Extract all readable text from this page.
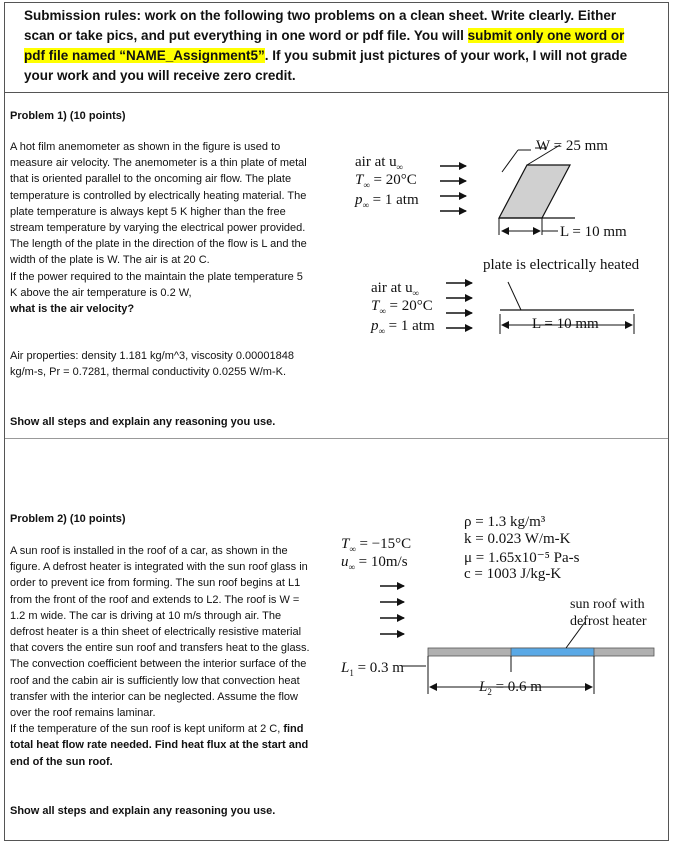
Submission rules: work on the following two problems on a clean sheet. Write clearly. Either scan or take pics, and put everything in one word or pdf file. You will submit only one word or pdf file named “NAME_Assignment5”. If you submit just pictures of your work, I will not grade your work and you will receive zero credit.
Problem 1) (10 points)

A hot film anemometer as shown in the figure is used to measure air velocity. The anemometer is a thin plate of metal that is oriented parallel to the oncoming air flow. The plate temperature is controlled by electrically heating material. The plate temperature is always kept 5 K higher than the free stream temperature by varying the electrical power provided. The length of the plate in the direction of the flow is L and the width of the plate is W. The air is at 20 C.

If the power required to the maintain the plate temperature 5 K above the air temperature is 0.2 W,

what is the air velocity?

Air properties: density 1.181 kg/m^3, viscosity 0.00001848 kg/m-s, Pr = 0.7281, thermal conductivity 0.0255 W/m-K.
Show all steps and explain any reasoning you use.
air at $u_\infty$
$T_\infty = 20^\circ C$
$p_\infty = 1$ atm
air at $u_\infty$
$T_\infty = 20^\circ C$
$p_\infty = 1$ atm
W = 25 mm
L = 10 mm
plate is electrically heated
L = 10 mm
Problem 2) (10 points)

A sun roof is installed in the roof of a car, as shown in the figure. A defrost heater is integrated with the sun roof glass in order to prevent ice from forming. The sun roof begins at L1 from the front of the roof and extends to L2. The roof is W = 1.2 m wide. The car is driving at 10 m/s through air. The defrost heater is a thin sheet of electrically resistive material that covers the entire sun roof and transfers heat to the glass. The convection coefficient between the interior surface of the roof and the cabin air is sufficiently low that convection heat transfer with the interior can be neglected. Assume the flow over the roof remains laminar.

If the temperature of the sun roof is kept uniform at 2 C, find total heat flow rate needed. Find heat flux at the start and end of the sun roof.

Show all steps and explain any reasoning you use.
$T_\infty = -15^\circ C$
$u_\infty = 10m/s$
ρ = 1.3 kg/m³
k = 0.023 W/m-K
μ = 1.65x10⁻⁵ Pa-s
c = 1003 J/kg-K
sun roof with
defrost heater
$L_1 = 0.3$ m
$L_2 = 0.6$ m
